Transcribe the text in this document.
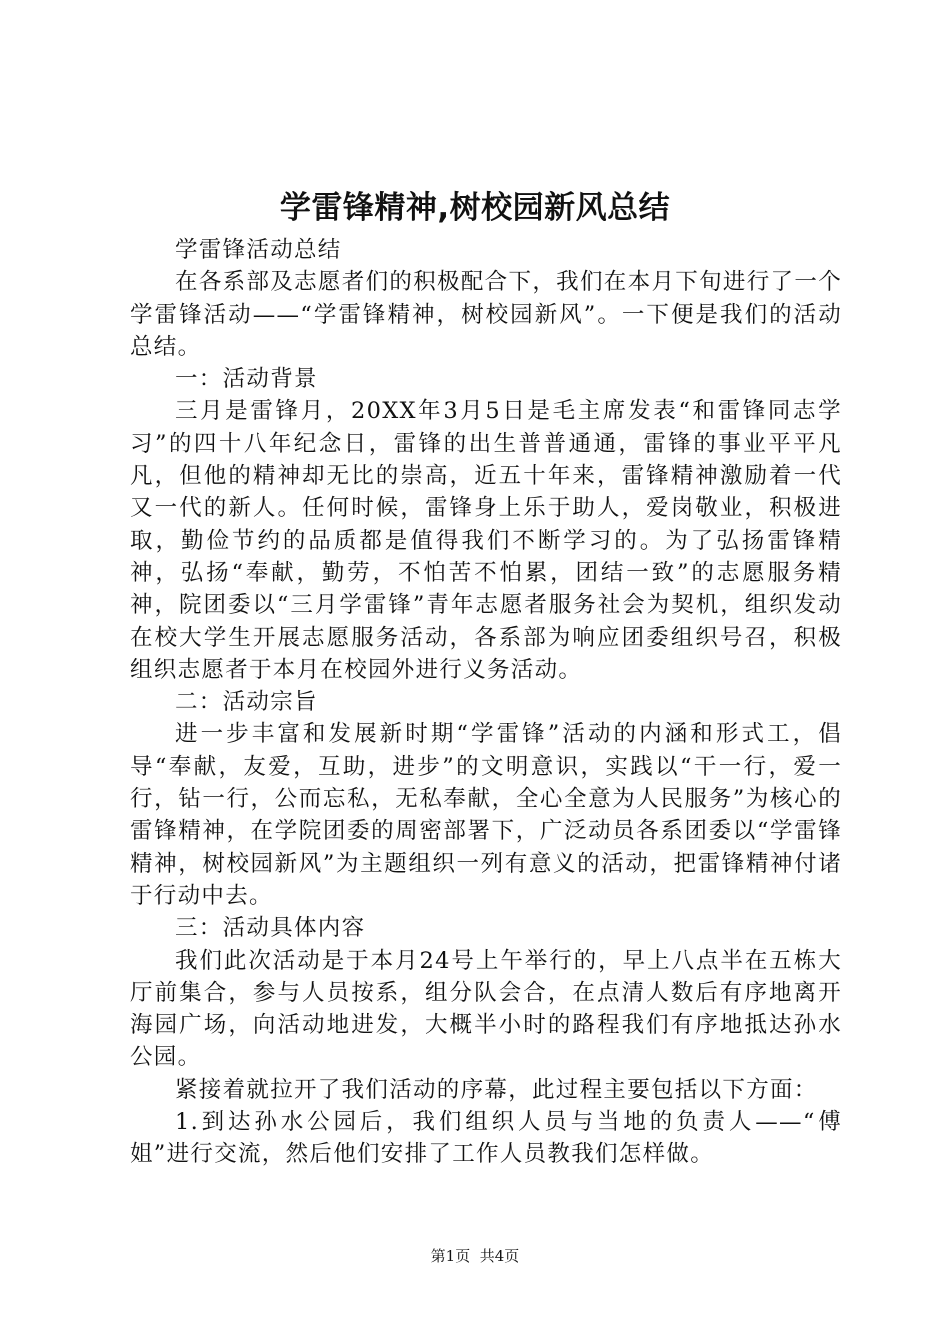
学雷锋精神,树校园新风总结

学雷锋活动总结

在各系部及志愿者们的积极配合下，我们在本月下旬进行了一个学雷锋活动——“学雷锋精神，树校园新风”。一下便是我们的活动总结。

一：活动背景

三月是雷锋月，20XX年3月5日是毛主席发表“和雷锋同志学习”的四十八年纪念日，雷锋的出生普普通通，雷锋的事业平平凡凡，但他的精神却无比的崇高，近五十年来，雷锋精神激励着一代又一代的新人。任何时候，雷锋身上乐于助人，爱岗敬业，积极进取，勤俭节约的品质都是值得我们不断学习的。为了弘扬雷锋精神，弘扬“奉献，勤劳，不怕苦不怕累，团结一致”的志愿服务精神，院团委以“三月学雷锋”青年志愿者服务社会为契机，组织发动在校大学生开展志愿服务活动，各系部为响应团委组织号召，积极组织志愿者于本月在校园外进行义务活动。

二：活动宗旨

进一步丰富和发展新时期“学雷锋”活动的内涵和形式工，倡导“奉献，友爱，互助，进步”的文明意识，实践以“干一行，爱一行，钻一行，公而忘私，无私奉献，全心全意为人民服务”为核心的雷锋精神，在学院团委的周密部署下，广泛动员各系团委以“学雷锋精神，树校园新风”为主题组织一列有意义的活动，把雷锋精神付诸于行动中去。

三：活动具体内容

我们此次活动是于本月24号上午举行的，早上八点半在五栋大厅前集合，参与人员按系，组分队会合，在点清人数后有序地离开海园广场，向活动地进发，大概半小时的路程我们有序地抵达孙水公园。

紧接着就拉开了我们活动的序幕，此过程主要包括以下方面：

1.到达孙水公园后，我们组织人员与当地的负责人——“傅姐”进行交流，然后他们安排了工作人员教我们怎样做。

第1页 共4页
